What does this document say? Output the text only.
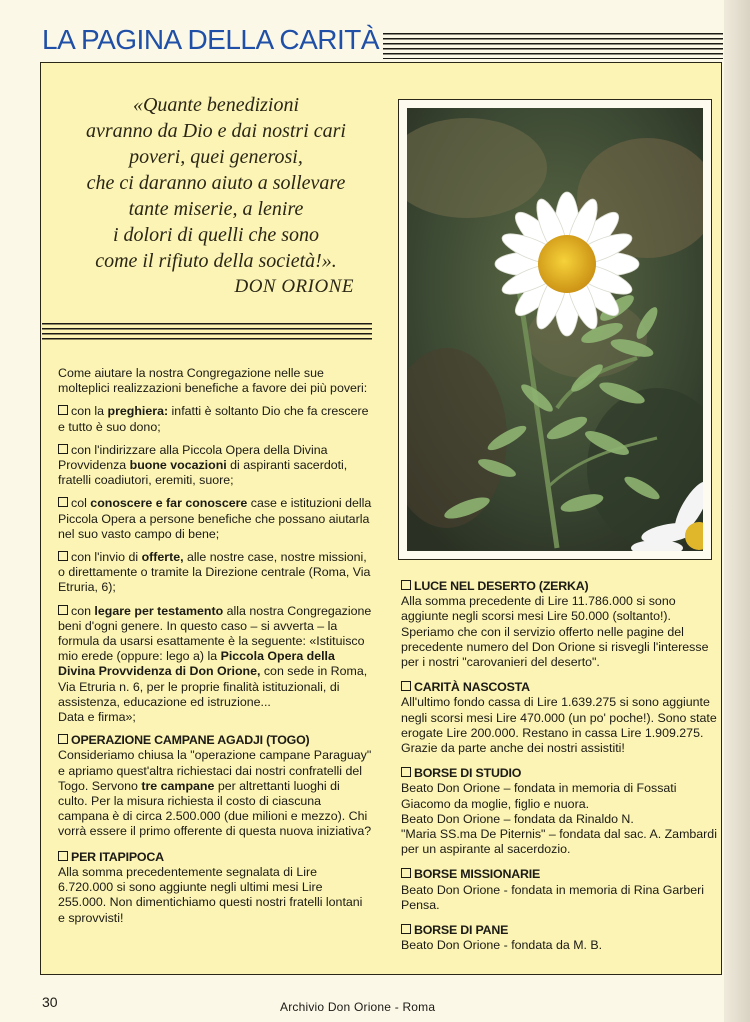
LA PAGINA DELLA CARITÀ
«Quante benedizioni
avranno da Dio e dai nostri cari
poveri, quei generosi,
che ci daranno aiuto a sollevare
tante miserie, a lenire
i dolori di quelli che sono
come il rifiuto della società!».
DON ORIONE

Come aiutare la nostra Congregazione nelle sue molteplici realizzazioni benefiche a favore dei più poveri:

con la preghiera: infatti è soltanto Dio che fa crescere e tutto è suo dono;

con l'indirizzare alla Piccola Opera della Divina Provvidenza buone vocazioni di aspiranti sacerdoti, fratelli coadiutori, eremiti, suore;

col conoscere e far conoscere case e istituzioni della Piccola Opera a persone benefiche che possano aiutarla nel suo vasto campo di bene;

con l'invio di offerte, alle nostre case, nostre missioni, o direttamente o tramite la Direzione centrale (Roma, Via Etruria, 6);

con legare per testamento alla nostra Congregazione beni d'ogni genere. In questo caso – si avverta – la formula da usarsi esattamente è la seguente: «Istituisco mio erede (oppure: lego a) la Piccola Opera della Divina Provvidenza di Don Orione, con sede in Roma, Via Etruria n. 6, per le proprie finalità istituzionali, di assistenza, educazione ed istruzione...
Data e firma»;

OPERAZIONE CAMPANE AGADJI (TOGO)
Consideriamo chiusa la "operazione campane Paraguay" e apriamo quest'altra richiestaci dai nostri confratelli del Togo. Servono tre campane per altrettanti luoghi di culto. Per la misura richiesta il costo di ciascuna campana è di circa 2.500.000 (due milioni e mezzo). Chi vorrà essere il primo offerente di questa nuova iniziativa?
PER ITAPIPOCA
Alla somma precedentemente segnalata di Lire 6.720.000 si sono aggiunte negli ultimi mesi Lire 255.000. Non dimentichiamo questi nostri fratelli lontani e sprovvisti!
LUCE NEL DESERTO (ZERKA)
Alla somma precedente di Lire 11.786.000 si sono aggiunte negli scorsi mesi Lire 50.000 (soltanto!). Speriamo che con il servizio offerto nelle pagine del precedente numero del Don Orione si risvegli l'interesse per i nostri "carovanieri del deserto".
CARITÀ NASCOSTA
All'ultimo fondo cassa di Lire 1.639.275 si sono aggiunte negli scorsi mesi Lire 470.000 (un po' poche!). Sono state erogate Lire 200.000. Restano in cassa Lire 1.909.275. Grazie da parte anche dei nostri assistiti!
BORSE DI STUDIO
Beato Don Orione – fondata in memoria di Fossati Giacomo da moglie, figlio e nuora.
Beato Don Orione – fondata da Rinaldo N.
"Maria SS.ma De Piternis" – fondata dal sac. A. Zambardi per un aspirante al sacerdozio.
BORSE MISSIONARIE
Beato Don Orione - fondata in memoria di Rina Garberi Pensa.
BORSE DI PANE
Beato Don Orione - fondata da M. B.
30	Archivio Don Orione - Roma
